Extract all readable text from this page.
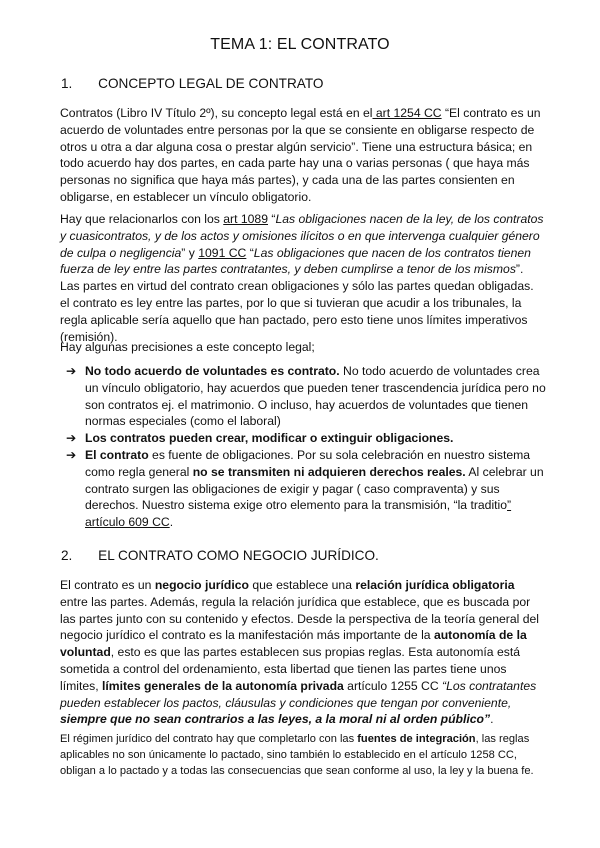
TEMA 1: EL CONTRATO
1. CONCEPTO LEGAL DE CONTRATO
Contratos (Libro IV Título 2º), su concepto legal está en el art 1254 CC “El contrato es un acuerdo de voluntades entre personas por la que se consiente en obligarse respecto de otros u otra a dar alguna cosa o prestar algún servicio”. Tiene una estructura básica; en todo acuerdo hay dos partes, en cada parte hay una o varias personas ( que haya más personas no significa que haya más partes), y cada una de las partes consienten en obligarse, en establecer un vínculo obligatorio.
Hay que relacionarlos con los art 1089 “Las obligaciones nacen de la ley, de los contratos y cuasicontratos, y de los actos y omisiones ilícitos o en que intervenga cualquier género de culpa o negligencia” y 1091 CC “Las obligaciones que nacen de los contratos tienen fuerza de ley entre las partes contratantes, y deben cumplirse a tenor de los mismos”. Las partes en virtud del contrato crean obligaciones y sólo las partes quedan obligadas. el contrato es ley entre las partes, por lo que si tuvieran que acudir a los tribunales, la regla aplicable sería aquello que han pactado, pero esto tiene unos límites imperativos (remisión).
Hay algunas precisiones a este concepto legal;
➔ No todo acuerdo de voluntades es contrato. No todo acuerdo de voluntades crea un vínculo obligatorio, hay acuerdos que pueden tener trascendencia jurídica pero no son contratos ej. el matrimonio. O incluso, hay acuerdos de voluntades que tienen normas especiales (como el laboral)
➔ Los contratos pueden crear, modificar o extinguir obligaciones.
➔ El contrato es fuente de obligaciones. Por su sola celebración en nuestro sistema como regla general no se transmiten ni adquieren derechos reales. Al celebrar un contrato surgen las obligaciones de exigir y pagar ( caso compraventa) y sus derechos. Nuestro sistema exige otro elemento para la transmisión, “la traditio” artículo 609 CC.
2. EL CONTRATO COMO NEGOCIO JURÍDICO.
El contrato es un negocio jurídico que establece una relación jurídica obligatoria entre las partes. Además, regula la relación jurídica que establece, que es buscada por las partes junto con su contenido y efectos. Desde la perspectiva de la teoría general del negocio jurídico el contrato es la manifestación más importante de la autonomía de la voluntad, esto es que las partes establecen sus propias reglas. Esta autonomía está sometida a control del ordenamiento, esta libertad que tienen las partes tiene unos límites, límites generales de la autonomía privada artículo 1255 CC “Los contratantes pueden establecer los pactos, cláusulas y condiciones que tengan por conveniente, siempre que no sean contrarios a las leyes, a la moral ni al orden público”.
El régimen jurídico del contrato hay que completarlo con las fuentes de integración, las reglas aplicables no son únicamente lo pactado, sino también lo establecido en el artículo 1258 CC, obligan a lo pactado y a todas las consecuencias que sean conforme al uso, la ley y la buena fe.
